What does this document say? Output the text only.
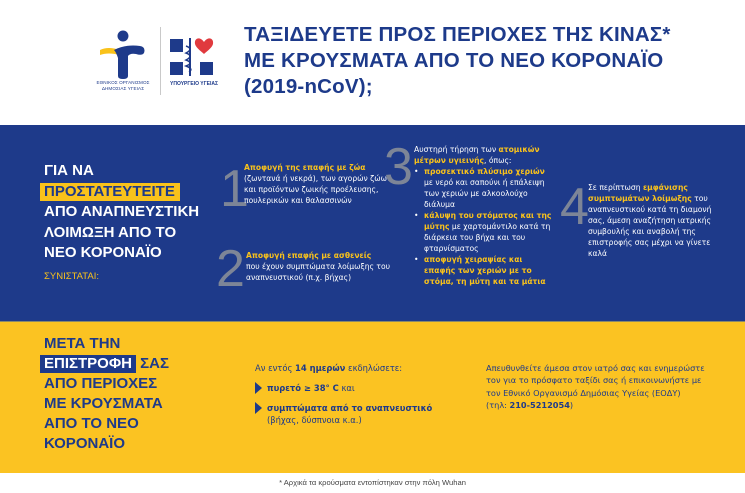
ΕΘΝΙΚΟΣ ΟΡΓΑΝΙΣΜΟΣ
ΔΗΜΟΣΙΑΣ ΥΓΕΙΑΣ
ΥΠΟΥΡΓΕΙΟ ΥΓΕΙΑΣ
ΤΑΞΙΔΕΥΕΤΕ ΠΡΟΣ ΠΕΡΙΟΧΕΣ ΤΗΣ ΚΙΝΑΣ*
ΜΕ ΚΡΟΥΣΜΑΤΑ ΑΠΟ ΤΟ ΝΕΟ ΚΟΡΟΝΑΪΟ
(2019-nCoV);
ΓΙΑ ΝΑ
ΠΡΟΣΤΑΤΕΥΤΕΙΤΕ
ΑΠΟ ΑΝΑΠΝΕΥΣΤΙΚΗ
ΛΟΙΜΩΞΗ ΑΠΟ ΤΟ
ΝΕΟ ΚΟΡΟΝΑΪΟ
ΣΥΝΙΣΤΑΤΑΙ:
1
Αποφυγή της επαφής με ζώα
(ζωντανά ή νεκρά), των αγορών ζώων και προϊόντων ζωικής προέλευσης, πουλερικών και θαλασσινών
2 Αποφυγή επαφής με ασθενείς
που έχουν συμπτώματα λοίμωξης του αναπνευστικού (π.χ. βήχας)
3 Αυστηρή τήρηση των ατομικών μέτρων υγιεινής, όπως:
• προσεκτικό πλύσιμο χεριών με νερό και σαπούνι ή επάλειψη των χεριών με αλκοολούχο διάλυμα
• κάλυψη του στόματος και της μύτης με χαρτομάντιλο κατά τη διάρκεια του βήχα και του φταρνίσματος
• αποφυγή χειραψίας και επαφής των χεριών με το στόμα, τη μύτη και τα μάτια
4 Σε περίπτωση εμφάνισης συμπτωμάτων λοίμωξης του αναπνευστικού κατά τη διαμονή σας, άμεση αναζήτηση ιατρικής συμβουλής και αναβολή της επιστροφής σας μέχρι να γίνετε καλά
ΜΕΤΑ ΤΗΝ
ΕΠΙΣΤΡΟΦΗ ΣΑΣ
ΑΠΟ ΠΕΡΙΟΧΕΣ
ΜΕ ΚΡΟΥΣΜΑΤΑ
ΑΠΟ ΤΟ ΝΕΟ
ΚΟΡΟΝΑΪΟ
Αν εντός 14 ημερών εκδηλώσετε:
πυρετό ≥ 38° C και
συμπτώματα από το αναπνευστικό
(βήχας, δύσπνοια κ.α.)
Απευθυνθείτε άμεσα στον ιατρό σας και ενημερώστε τον για το πρόσφατο ταξίδι σας ή επικοινωνήστε με τον Εθνικό Οργανισμό Δημόσιας Υγείας (ΕΟΔΥ)
(τηλ: 210-5212054)
* Αρχικά τα κρούσματα εντοπίστηκαν στην πόλη Wuhan
